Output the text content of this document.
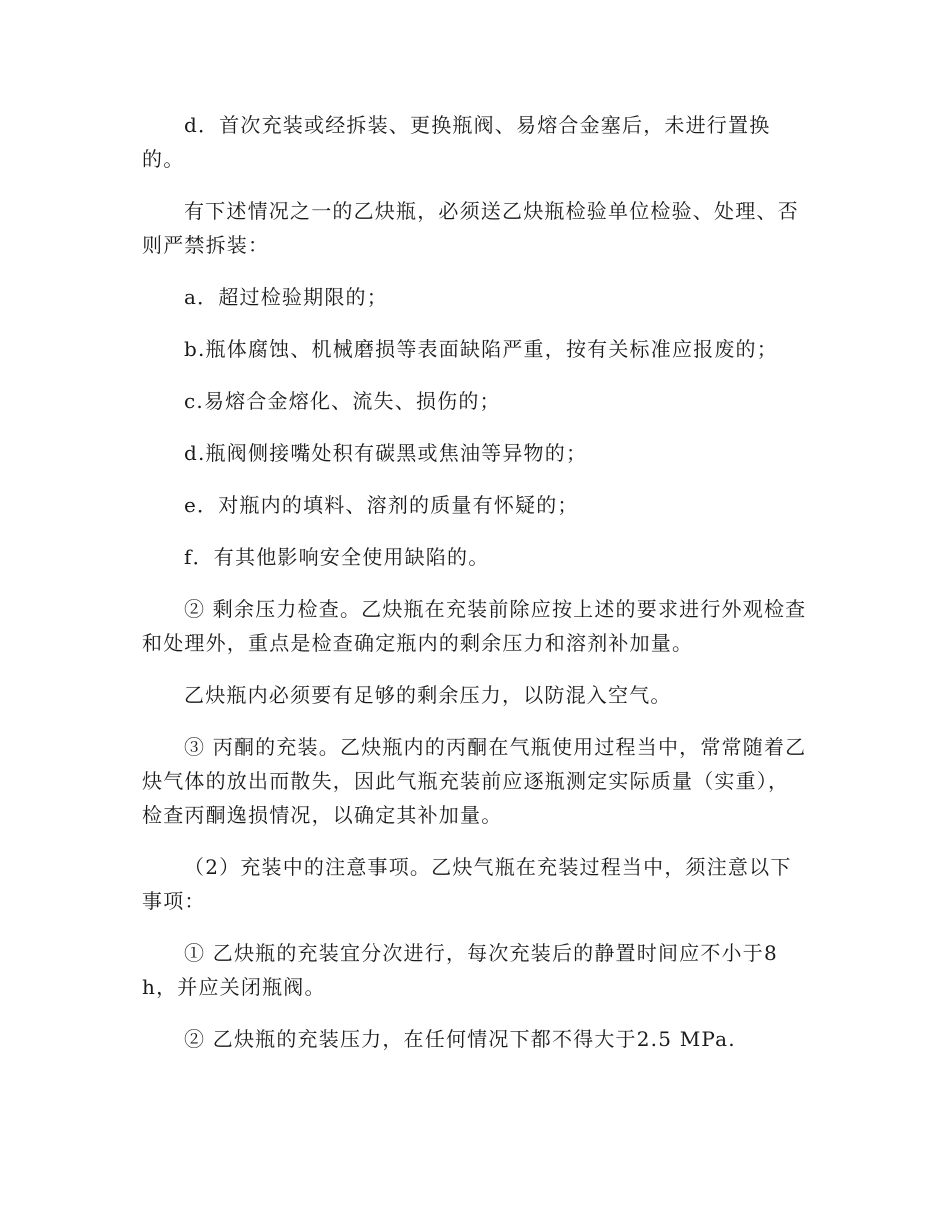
d．首次充装或经拆装、更换瓶阀、易熔合金塞后，未进行置换的。

有下述情况之一的乙炔瓶，必须送乙炔瓶检验单位检验、处理、否则严禁拆装：

a．超过检验期限的；

b.瓶体腐蚀、机械磨损等表面缺陷严重，按有关标准应报废的；

c.易熔合金熔化、流失、损伤的；

d.瓶阀侧接嘴处积有碳黑或焦油等异物的；

e．对瓶内的填料、溶剂的质量有怀疑的；

f．有其他影响安全使用缺陷的。

② 剩余压力检查。乙炔瓶在充装前除应按上述的要求进行外观检查和处理外，重点是检查确定瓶内的剩余压力和溶剂补加量。

乙炔瓶内必须要有足够的剩余压力，以防混入空气。

③ 丙酮的充装。乙炔瓶内的丙酮在气瓶使用过程当中，常常随着乙炔气体的放出而散失，因此气瓶充装前应逐瓶测定实际质量（实重），检查丙酮逸损情况，以确定其补加量。

（2）充装中的注意事项。乙炔气瓶在充装过程当中，须注意以下事项：

① 乙炔瓶的充装宜分次进行，每次充装后的静置时间应不小于8h，并应关闭瓶阀。

② 乙炔瓶的充装压力，在任何情况下都不得大于2.5 MPa.
